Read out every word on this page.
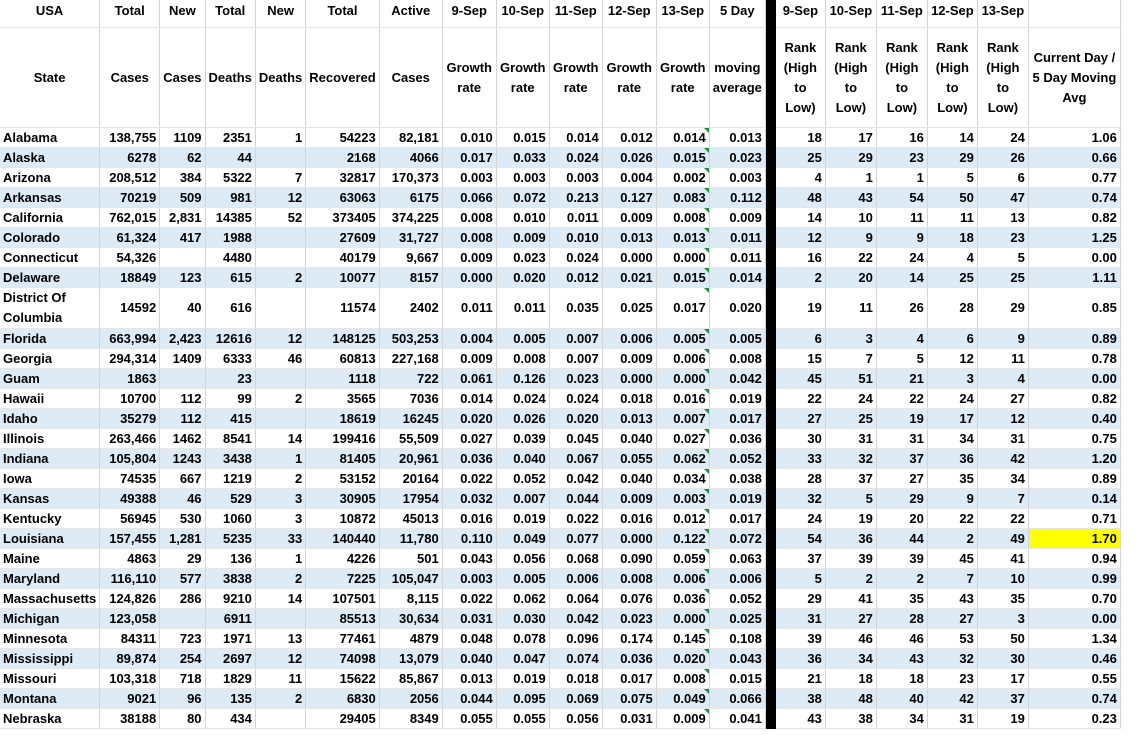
USA	Total	New	Total	New	Total	Active	9-Sep	10-Sep	11-Sep	12-Sep	13-Sep	5 Day		9-Sep	10-Sep	11-Sep	12-Sep	13-Sep	
State	Cases	Cases	Deaths	Deaths	Recovered	Cases	Growth rate	Growth rate	Growth rate	Growth rate	Growth rate	moving average		Rank (High to Low)	Rank (High to Low)	Rank (High to Low)	Rank (High to Low)	Rank (High to Low)	Current Day / 5 Day Moving Avg
Alabama	138,755	1109	2351	1	54223	82,181	0.010	0.015	0.014	0.012	0.014	0.013		18	17	16	14	24	1.06
Alaska	6278	62	44		2168	4066	0.017	0.033	0.024	0.026	0.015	0.023		25	29	23	29	26	0.66
Arizona	208,512	384	5322	7	32817	170,373	0.003	0.003	0.003	0.004	0.002	0.003		4	1	1	5	6	0.77
Arkansas	70219	509	981	12	63063	6175	0.066	0.072	0.213	0.127	0.083	0.112		48	43	54	50	47	0.74
California	762,015	2,831	14385	52	373405	374,225	0.008	0.010	0.011	0.009	0.008	0.009		14	10	11	11	13	0.82
Colorado	61,324	417	1988		27609	31,727	0.008	0.009	0.010	0.013	0.013	0.011		12	9	9	18	23	1.25
Connecticut	54,326		4480		40179	9,667	0.009	0.023	0.024	0.000	0.000	0.011		16	22	24	4	5	0.00
Delaware	18849	123	615	2	10077	8157	0.000	0.020	0.012	0.021	0.015	0.014		2	20	14	25	25	1.11
District Of Columbia	14592	40	616		11574	2402	0.011	0.011	0.035	0.025	0.017	0.020		19	11	26	28	29	0.85
Florida	663,994	2,423	12616	12	148125	503,253	0.004	0.005	0.007	0.006	0.005	0.005		6	3	4	6	9	0.89
Georgia	294,314	1409	6333	46	60813	227,168	0.009	0.008	0.007	0.009	0.006	0.008		15	7	5	12	11	0.78
Guam	1863		23		1118	722	0.061	0.126	0.023	0.000	0.000	0.042		45	51	21	3	4	0.00
Hawaii	10700	112	99	2	3565	7036	0.014	0.024	0.024	0.018	0.016	0.019		22	24	22	24	27	0.82
Idaho	35279	112	415		18619	16245	0.020	0.026	0.020	0.013	0.007	0.017		27	25	19	17	12	0.40
Illinois	263,466	1462	8541	14	199416	55,509	0.027	0.039	0.045	0.040	0.027	0.036		30	31	31	34	31	0.75
Indiana	105,804	1243	3438	1	81405	20,961	0.036	0.040	0.067	0.055	0.062	0.052		33	32	37	36	42	1.20
Iowa	74535	667	1219	2	53152	20164	0.022	0.052	0.042	0.040	0.034	0.038		28	37	27	35	34	0.89
Kansas	49388	46	529	3	30905	17954	0.032	0.007	0.044	0.009	0.003	0.019		32	5	29	9	7	0.14
Kentucky	56945	530	1060	3	10872	45013	0.016	0.019	0.022	0.016	0.012	0.017		24	19	20	22	22	0.71
Louisiana	157,455	1,281	5235	33	140440	11,780	0.110	0.049	0.077	0.000	0.122	0.072		54	36	44	2	49	1.70
Maine	4863	29	136	1	4226	501	0.043	0.056	0.068	0.090	0.059	0.063		37	39	39	45	41	0.94
Maryland	116,110	577	3838	2	7225	105,047	0.003	0.005	0.006	0.008	0.006	0.006		5	2	2	7	10	0.99
Massachusetts	124,826	286	9210	14	107501	8,115	0.022	0.062	0.064	0.076	0.036	0.052		29	41	35	43	35	0.70
Michigan	123,058		6911		85513	30,634	0.031	0.030	0.042	0.023	0.000	0.025		31	27	28	27	3	0.00
Minnesota	84311	723	1971	13	77461	4879	0.048	0.078	0.096	0.174	0.145	0.108		39	46	46	53	50	1.34
Mississippi	89,874	254	2697	12	74098	13,079	0.040	0.047	0.074	0.036	0.020	0.043		36	34	43	32	30	0.46
Missouri	103,318	718	1829	11	15622	85,867	0.013	0.019	0.018	0.017	0.008	0.015		21	18	18	23	17	0.55
Montana	9021	96	135	2	6830	2056	0.044	0.095	0.069	0.075	0.049	0.066		38	48	40	42	37	0.74
Nebraska	38188	80	434		29405	8349	0.055	0.055	0.056	0.031	0.009	0.041		43	38	34	31	19	0.23
